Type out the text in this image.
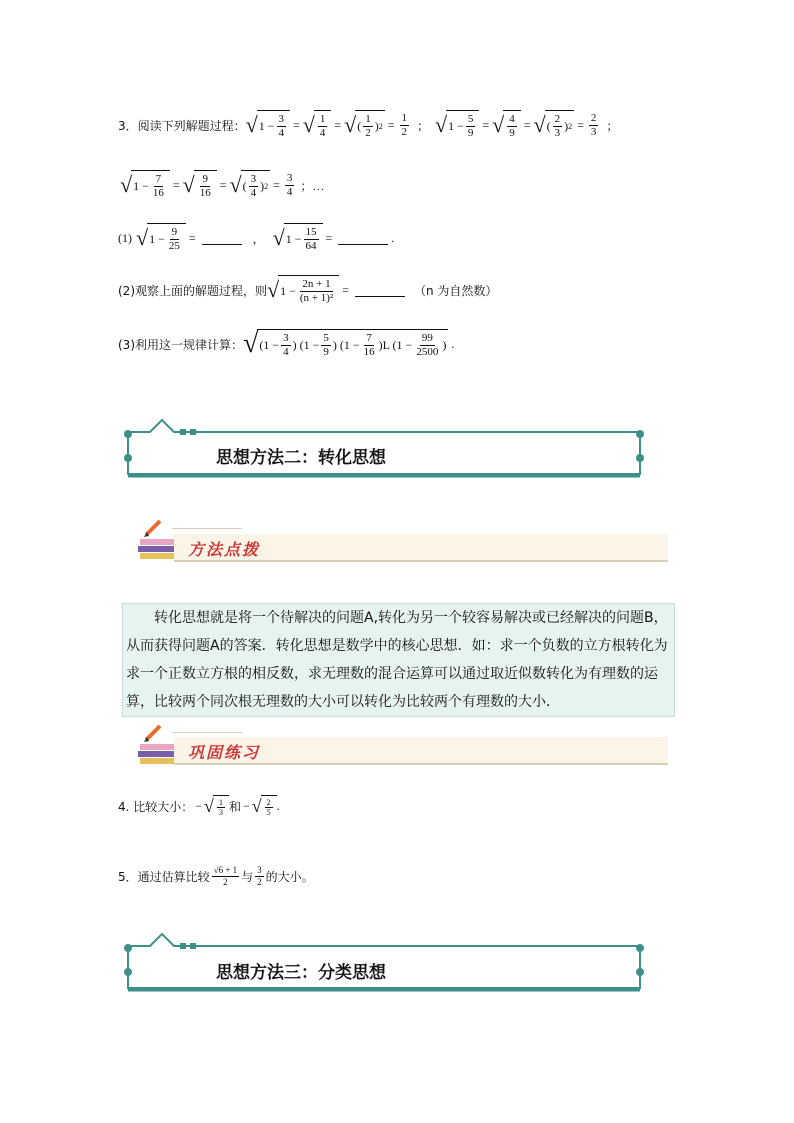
3．阅读下列解题过程： √ $1 - \frac{3}{4}$ = √ $\frac{1}{4}$ = √ ( $\frac{1}{2}$ ) $2 = \frac{1}{2}$ ； √ $1 - \frac{5}{9}$ = √ $\frac{4}{9}$ = √ ( $\frac{2}{3}$ ) $2 = \frac{2}{3}$ ；
√ $1 - \frac{7}{16}$ = √ $\frac{9}{16}$ = √ ( $\frac{3}{4}$ ) $2 = \frac{3}{4}$ ；…
(1) √ $1 - \frac{9}{25}$ =	， √ $1 - \frac{15}{64}$ =	.
(2)观察上面的解题过程，则 √ $1 - \frac{2n + 1}{\text{(n + 1)²}}$ =	（n 为自然数）
(3)利用这一规律计算： √ ($1 - \frac{3}{4}$ ) ($1 - \frac{5}{9}$ ) $(1 - \frac{7}{16} )L$ ($1 - \frac{99}{2500}$ ) .
思想方法二：转化思想
方法点拨
转化思想就是将一个待解决的问题A,转化为另一个较容易解决或已经解决的问题B，从而获得问题A的答案．转化思想是数学中的核心思想．如：求一个负数的立方根转化为求一个正数立方根的相反数，求无理数的混合运算可以通过取近似数转化为有理数的运算，比较两个同次根无理数的大小可以转化为比较两个有理数的大小．
巩固练习
4. 比较大小： − √ $\frac{1}{3}$ 和 − √ $\frac{2}{5}$ .
5．通过估算比较 $\frac{√6 + 1}{2}$ 与 $\frac{3}{2}$ 的大小。
思想方法三：分类思想
